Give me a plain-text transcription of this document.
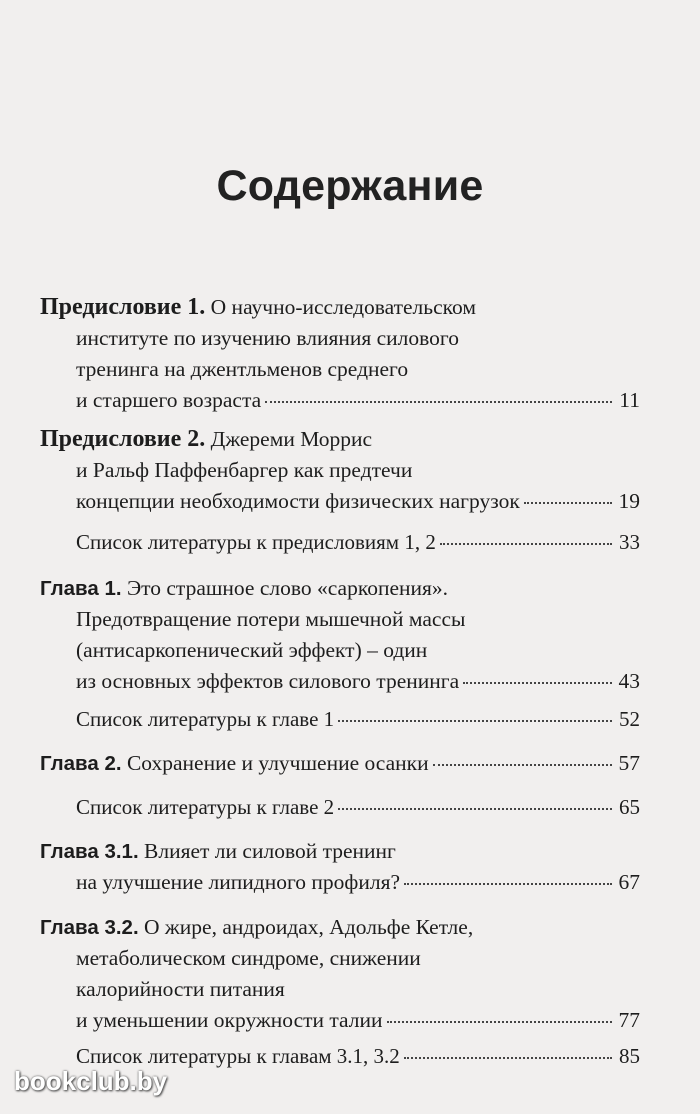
Содержание
Предисловие 1. О научно-исследовательском
институте по изучению влияния силового
тренинга на джентльменов среднего
и старшего возраста	11
Предисловие 2. Джереми Моррис
и Ральф Паффенбаргер как предтечи
концепции необходимости физических нагрузок	19
Список литературы к предисловиям 1, 2	33
Глава 1. Это страшное слово «саркопения».
Предотвращение потери мышечной массы
(антисаркопенический эффект) – один
из основных эффектов силового тренинга	43
Список литературы к главе 1	52
Глава 2. Сохранение и улучшение осанки	57
Список литературы к главе 2	65
Глава 3.1. Влияет ли силовой тренинг
на улучшение липидного профиля?	67
Глава 3.2. О жире, андроидах, Адольфе Кетле,
метаболическом синдроме, снижении
калорийности питания
и уменьшении окружности талии	77
Список литературы к главам 3.1, 3.2	85
bookclub.by
